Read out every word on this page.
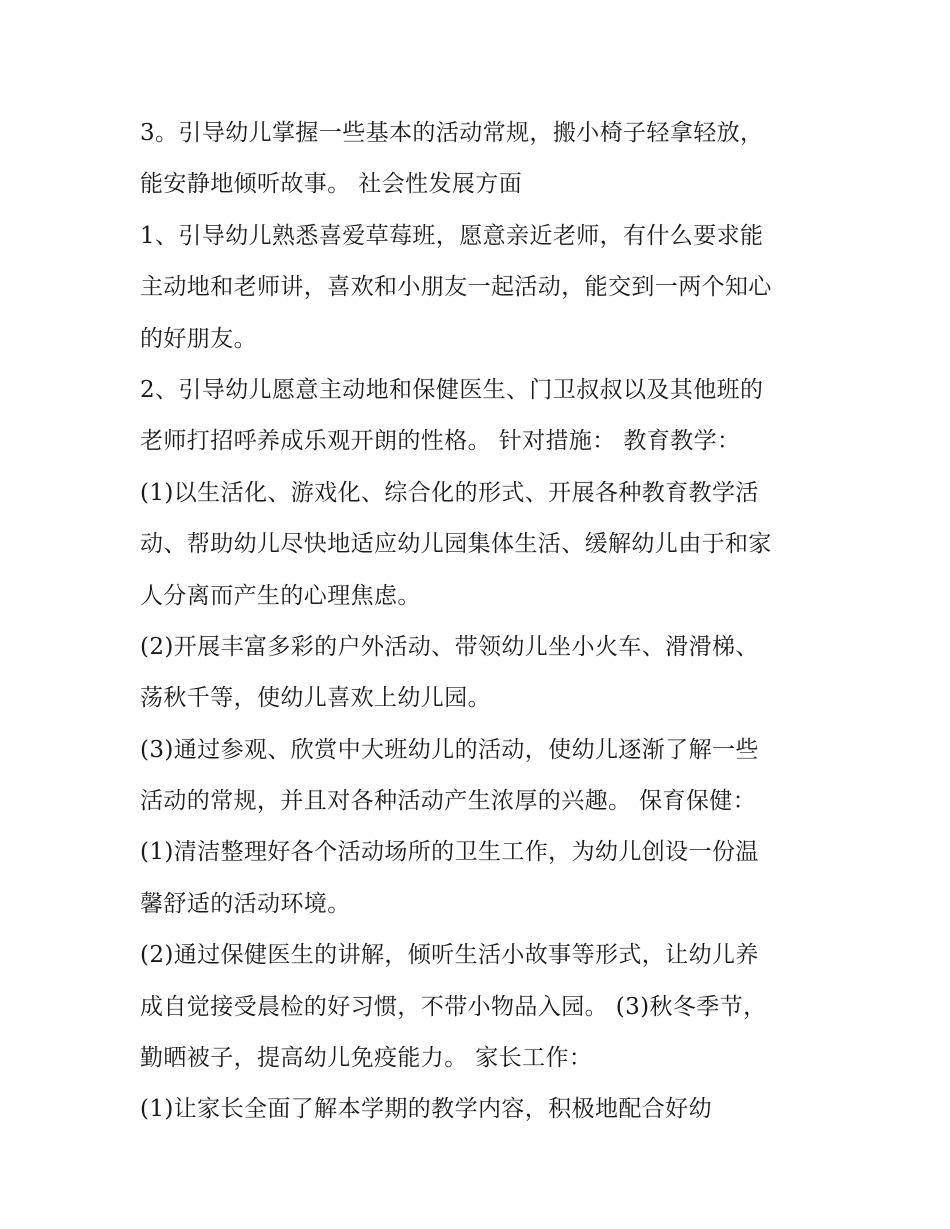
3。引导幼儿掌握一些基本的活动常规，搬小椅子轻拿轻放，
能安静地倾听故事。 社会性发展方面
1、引导幼儿熟悉喜爱草莓班，愿意亲近老师，有什么要求能
主动地和老师讲，喜欢和小朋友一起活动，能交到一两个知心
的好朋友。
2、引导幼儿愿意主动地和保健医生、门卫叔叔以及其他班的
老师打招呼养成乐观开朗的性格。 针对措施： 教育教学：
(1)以生活化、游戏化、综合化的形式、开展各种教育教学活
动、帮助幼儿尽快地适应幼儿园集体生活、缓解幼儿由于和家
人分离而产生的心理焦虑。
(2)开展丰富多彩的户外活动、带领幼儿坐小火车、滑滑梯、
荡秋千等，使幼儿喜欢上幼儿园。
(3)通过参观、欣赏中大班幼儿的活动，使幼儿逐渐了解一些
活动的常规，并且对各种活动产生浓厚的兴趣。 保育保健：
(1)清洁整理好各个活动场所的卫生工作，为幼儿创设一份温
馨舒适的活动环境。
(2)通过保健医生的讲解，倾听生活小故事等形式，让幼儿养
成自觉接受晨检的好习惯，不带小物品入园。 (3)秋冬季节，
勤晒被子，提高幼儿免疫能力。 家长工作：
(1)让家长全面了解本学期的教学内容，积极地配合好幼
